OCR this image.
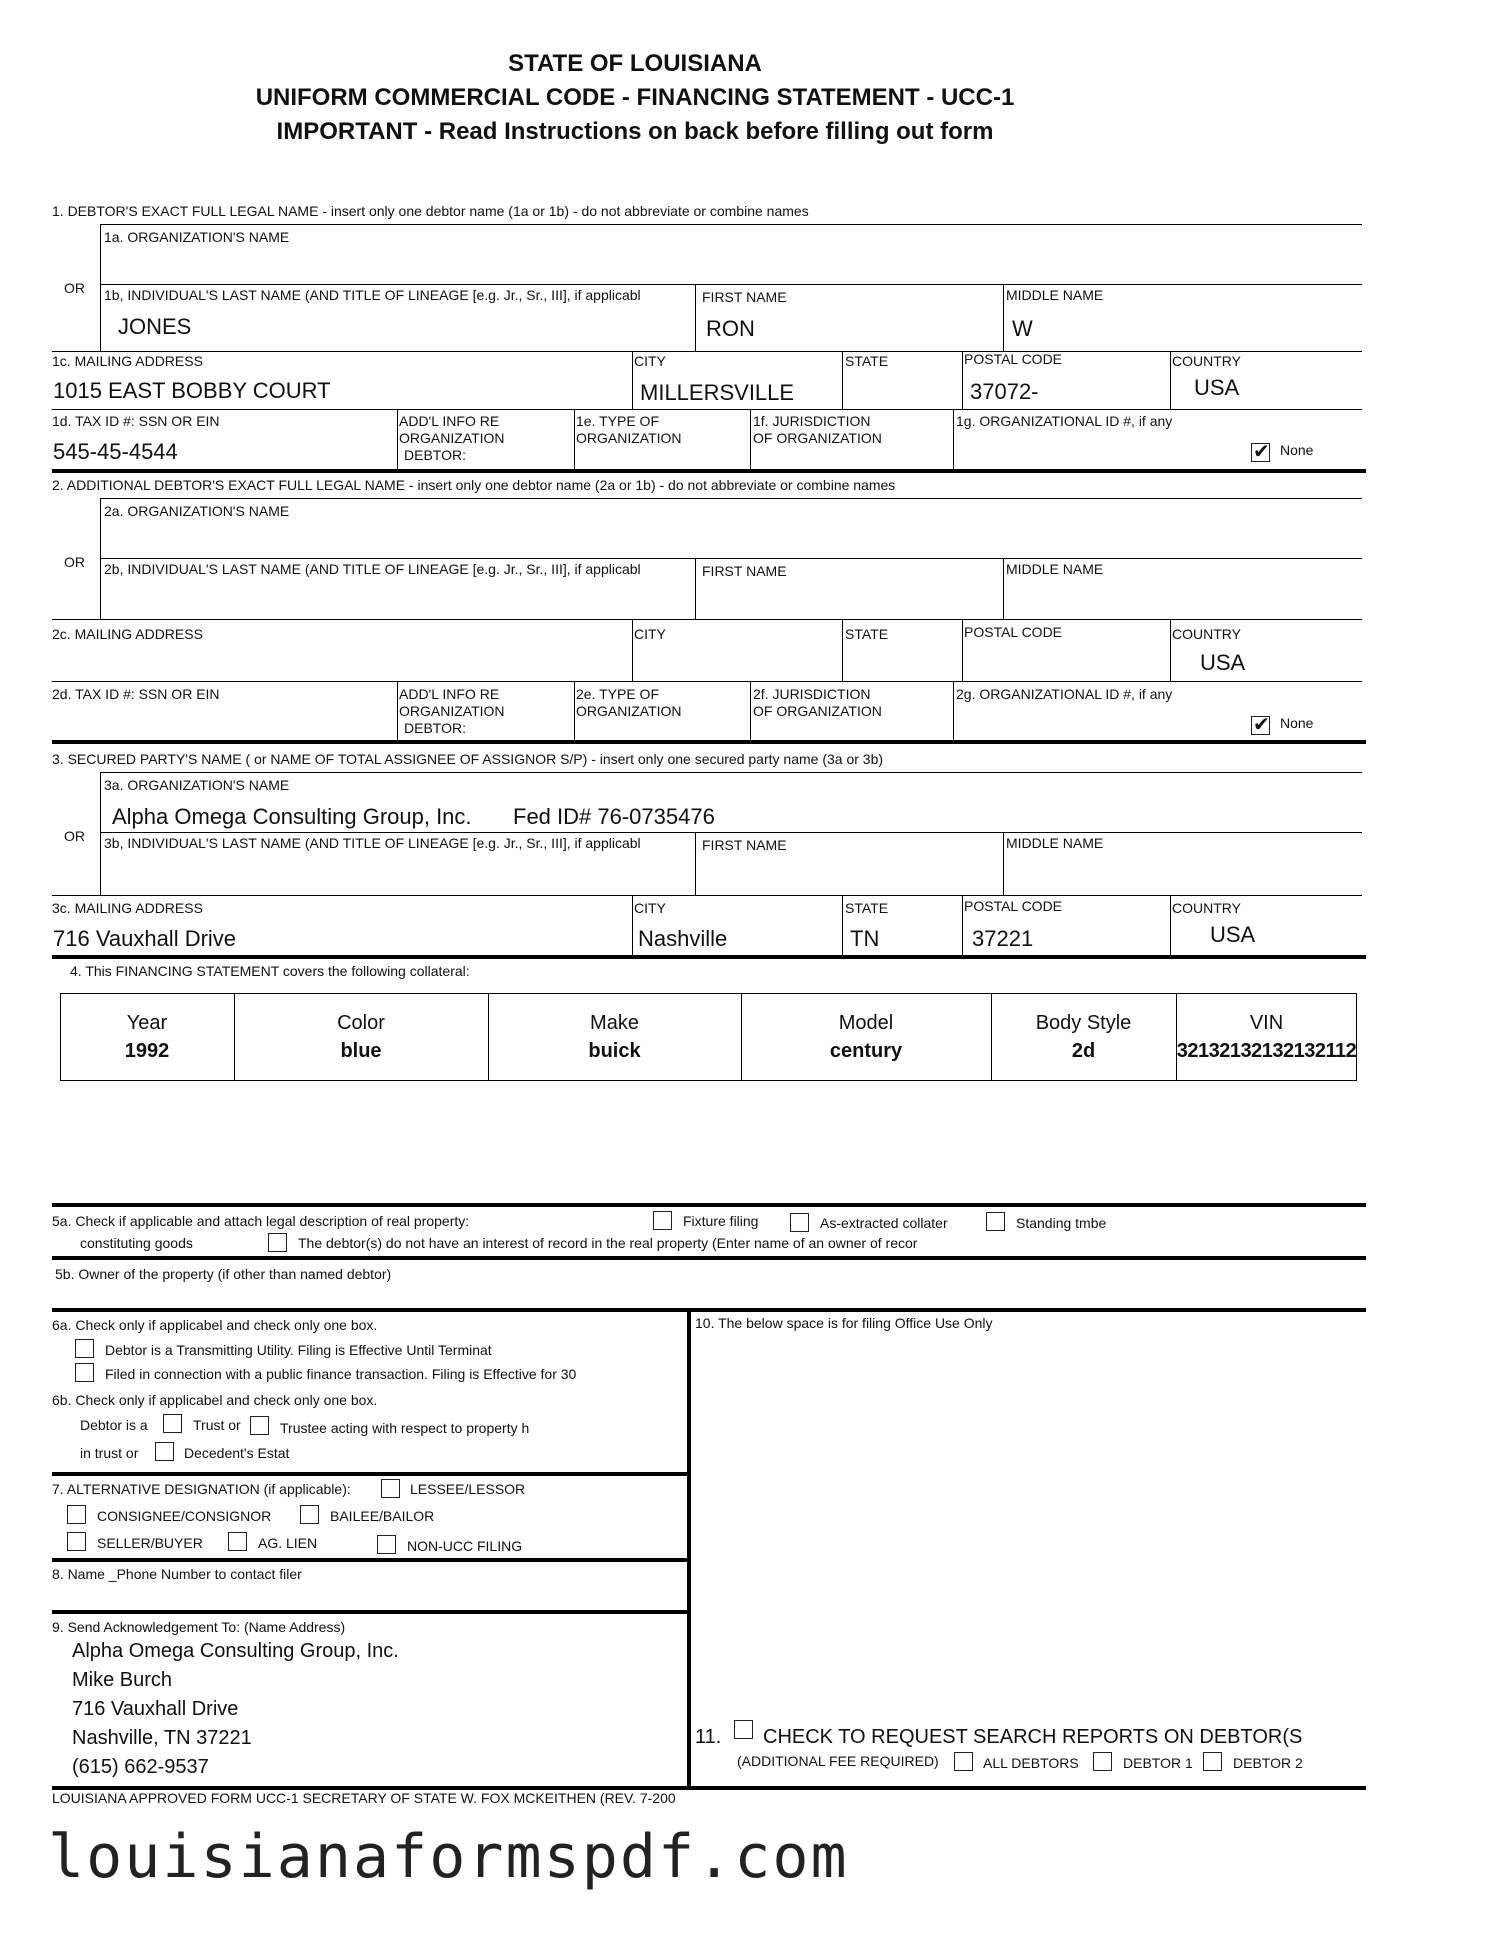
STATE OF LOUISIANA
UNIFORM COMMERCIAL CODE - FINANCING STATEMENT - UCC-1
IMPORTANT - Read Instructions on back before filling out form
1. DEBTOR'S EXACT FULL LEGAL NAME - insert only one debtor name (1a or 1b) - do not abbreviate or combine names
1a. ORGANIZATION'S NAME
OR 1b, INDIVIDUAL'S LAST NAME (AND TITLE OF LINEAGE [e.g. Jr., Sr., III], if applicabl	FIRST NAME	MIDDLE NAME
JONES	RON	W
1c. MAILING ADDRESS	CITY	STATE	POSTAL CODE	COUNTRY
1015 EAST BOBBY COURT	MILLERSVILLE	37072-	USA
1d. TAX ID #: SSN OR EIN	ADD'L INFO RE
ORGANIZATION
DEBTOR:
1e. TYPE OF
ORGANIZATION
1f. JURISDICTION
OF ORGANIZATION
1g. ORGANIZATIONAL ID #, if any
545-45-4544
✔	None
2. ADDITIONAL DEBTOR'S EXACT FULL LEGAL NAME - insert only one debtor name (2a or 1b) - do not abbreviate or combine names
2a. ORGANIZATION'S NAME
OR 2b, INDIVIDUAL'S LAST NAME (AND TITLE OF LINEAGE [e.g. Jr., Sr., III], if applicabl	FIRST NAME	MIDDLE NAME
2c. MAILING ADDRESS	CITY	STATE	POSTAL CODE	COUNTRY
USA
2d. TAX ID #: SSN OR EIN	ADD'L INFO RE
ORGANIZATION
DEBTOR:
2e. TYPE OF
ORGANIZATION
2f. JURISDICTION
OF ORGANIZATION
2g. ORGANIZATIONAL ID #, if any
✔
None
3. SECURED PARTY'S NAME ( or NAME OF TOTAL ASSIGNEE OF ASSIGNOR S/P) - insert only one secured party name (3a or 3b)
3a. ORGANIZATION'S NAME
Alpha Omega Consulting Group, Inc. Fed ID# 76-0735476
OR 3b, INDIVIDUAL'S LAST NAME (AND TITLE OF LINEAGE [e.g. Jr., Sr., III], if applicabl	FIRST NAME	MIDDLE NAME
3c. MAILING ADDRESS	CITY	STATE	POSTAL CODE	COUNTRY
716 Vauxhall Drive	Nashville	TN	37221	USA
4. This FINANCING STATEMENT covers the following collateral:
Year	Color	Make	Model	Body Style	VIN
1992	blue	buick	century	2d	32132132132132112
5a. Check if applicable and attach legal description of real property:	Fixture filing	As-extracted collater	Standing tmbe
constituting goods	The debtor(s) do not have an interest of record in the real property (Enter name of an owner of recor
5b. Owner of the property (if other than named debtor)
6a. Check only if applicabel and check only one box.
Debtor is a Transmitting Utility. Filing is Effective Until Terminat
Filed in connection with a public finance transaction. Filing is Effective for 30
6b. Check only if applicabel and check only one box.
Debtor is a	Trust or	Trustee acting with respect to property h
in trust or	Decedent's Estat
7. ALTERNATIVE DESIGNATION (if applicable):	LESSEE/LESSOR
CONSIGNEE/CONSIGNOR	BAILEE/BAILOR
SELLER/BUYER	AG. LIEN	NON-UCC FILING
8. Name _Phone Number to contact filer
9. Send Acknowledgement To: (Name Address)
Alpha Omega Consulting Group, Inc.
Mike Burch
716 Vauxhall Drive
Nashville, TN 37221
(615) 662-9537
10. The below space is for filing Office Use Only
11. CHECK TO REQUEST SEARCH REPORTS ON DEBTOR(S
(ADDITIONAL FEE REQUIRED)	ALL DEBTORS	DEBTOR 1	DEBTOR 2
LOUISIANA APPROVED FORM UCC-1 SECRETARY OF STATE W. FOX MCKEITHEN (REV. 7-200
louisianaformspdf.com
